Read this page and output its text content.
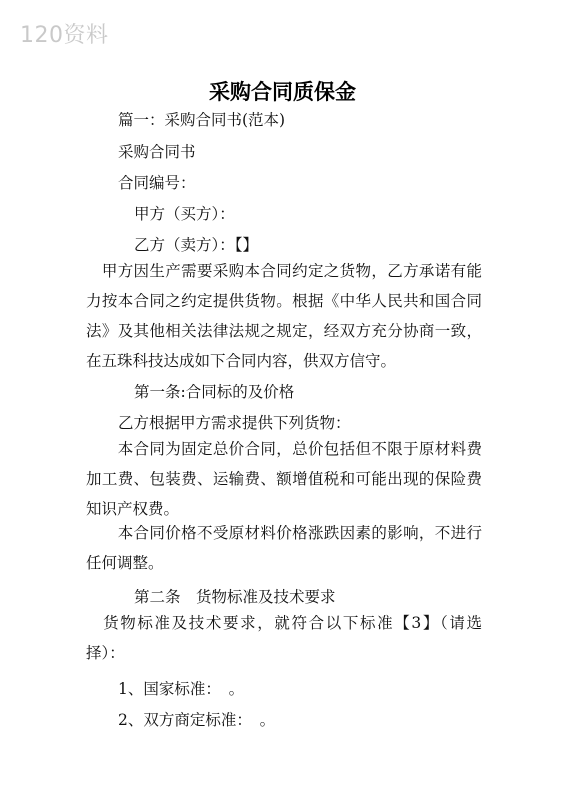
120资料
采购合同质保金
篇一：采购合同书(范本)
采购合同书
合同编号：
甲方（买方）：
乙方（卖方）：【】
　甲方因生产需要采购本合同约定之货物，乙方承诺有能力按本合同之约定提供货物。根据《中华人民共和国合同法》及其他相关法律法规之规定，经双方充分协商一致，在五珠科技达成如下合同内容，供双方信守。
第一条:合同标的及价格
乙方根据甲方需求提供下列货物：
　　本合同为固定总价合同，总价包括但不限于原材料费加工费、包装费、运输费、额增值税和可能出现的保险费知识产权费。
　　本合同价格不受原材料价格涨跌因素的影响，不进行任何调整。
第二条　货物标准及技术要求
　货物标准及技术要求，就符合以下标准【3】（请选择）：
1、国家标准：　。
2、双方商定标准：　。
